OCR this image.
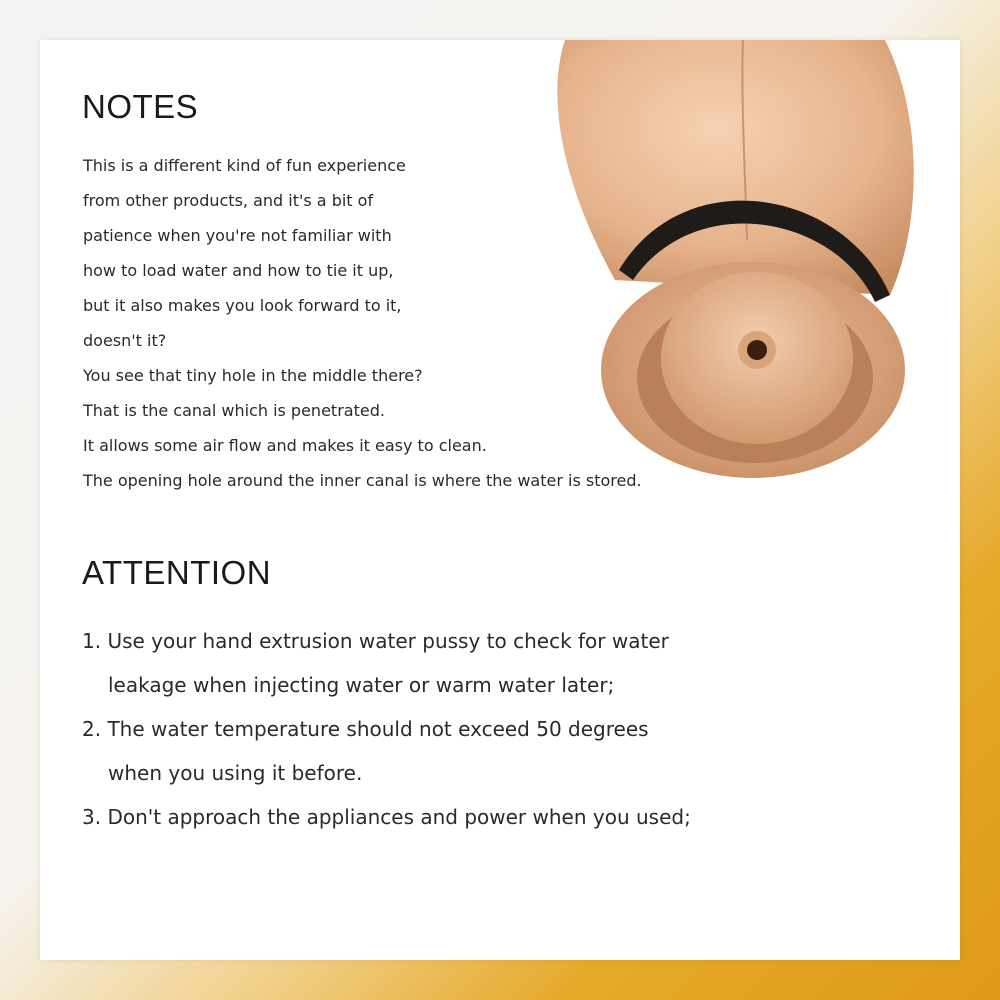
NOTES
This is a different kind of fun experience
from other products, and it's a bit of
patience when you're not familiar with
how to load water and how to tie it up,
but it also makes you look forward to it,
doesn't it?
You see that tiny hole in the middle there?
That is the canal which is penetrated.
It allows some air flow and makes it easy to clean.
The opening hole around the inner canal is where the water is stored.
ATTENTION
1. Use your hand extrusion water pussy to check for water
leakage when injecting water or warm water later;
2. The water temperature should not exceed 50 degrees
when you using it before.
3. Don't approach the appliances and power when you used;
